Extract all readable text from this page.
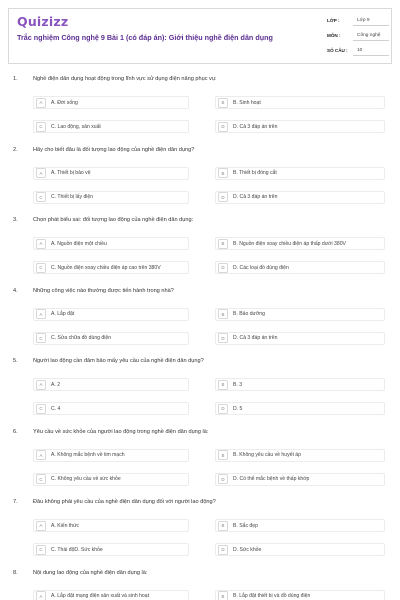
Quizizz
Trắc nghiệm Công nghệ 9 Bài 1 (có đáp án): Giới thiệu nghề điện dân dụng
LỚP :	Lớp 9
MÔN :	Công nghệ
SỐ CÂU :	10
1.	Nghề điện dân dụng hoạt động trong lĩnh vực sử dụng điện năng phục vụ:
A	A. Đời sống	B	B. Sinh hoạt
C	C. Lao động, sản xuất	D	D. Cả 3 đáp án trên
2.	Hãy cho biết đâu là đối tượng lao động của nghề điện dân dụng?
A	A. Thiết bị bảo vệ	B	B. Thiết bị đóng cắt
C	C. Thiết bị lấy điện	D	D. Cả 3 đáp án trên
3.	Chọn phát biểu sai: đối tượng lao động của nghề điện dân dụng:
A	A. Nguồn điện một chiều	B	B. Nguồn điện xoay chiều điện áp thấp dưới 380V
C	C. Nguồn điện xoay chiều điện áp cao trên 380V	D	D. Các loại đồ dùng điện
4.	Những công việc nào thường được tiến hành trong nhà?
A	A. Lắp đặt	B	B. Bảo dưỡng
C	C. Sửa chữa đồ dùng điện	D	D. Cả 3 đáp án trên
5.	Người lao động cần đảm bảo mấy yêu cầu của nghề điện dân dụng?
A	A. 2	B	B. 3
C	C. 4	D	D. 5
6.	Yêu cầu về sức khỏe của người lao động trong nghề điện dân dụng là:
A	A. Không mắc bệnh về tim mạch	B	B. Không yêu cầu về huyết áp
C	C. Không yêu cầu về sức khỏe	D	D. Có thể mắc bệnh về thấp khớp
7.	Đâu không phải yêu cầu của nghề điện dân dụng đối với người lao động?
A	A. Kiến thức	B	B. Sắc đẹp
C	C. Thái độD. Sức khỏe	D	D. Sức khỏe
8.	Nội dung lao động của nghề điện dân dụng là:
A	A. Lắp đặt mạng điện sản xuất và sinh hoạt	B	B. Lắp đặt thiết bị và đồ dùng điện
